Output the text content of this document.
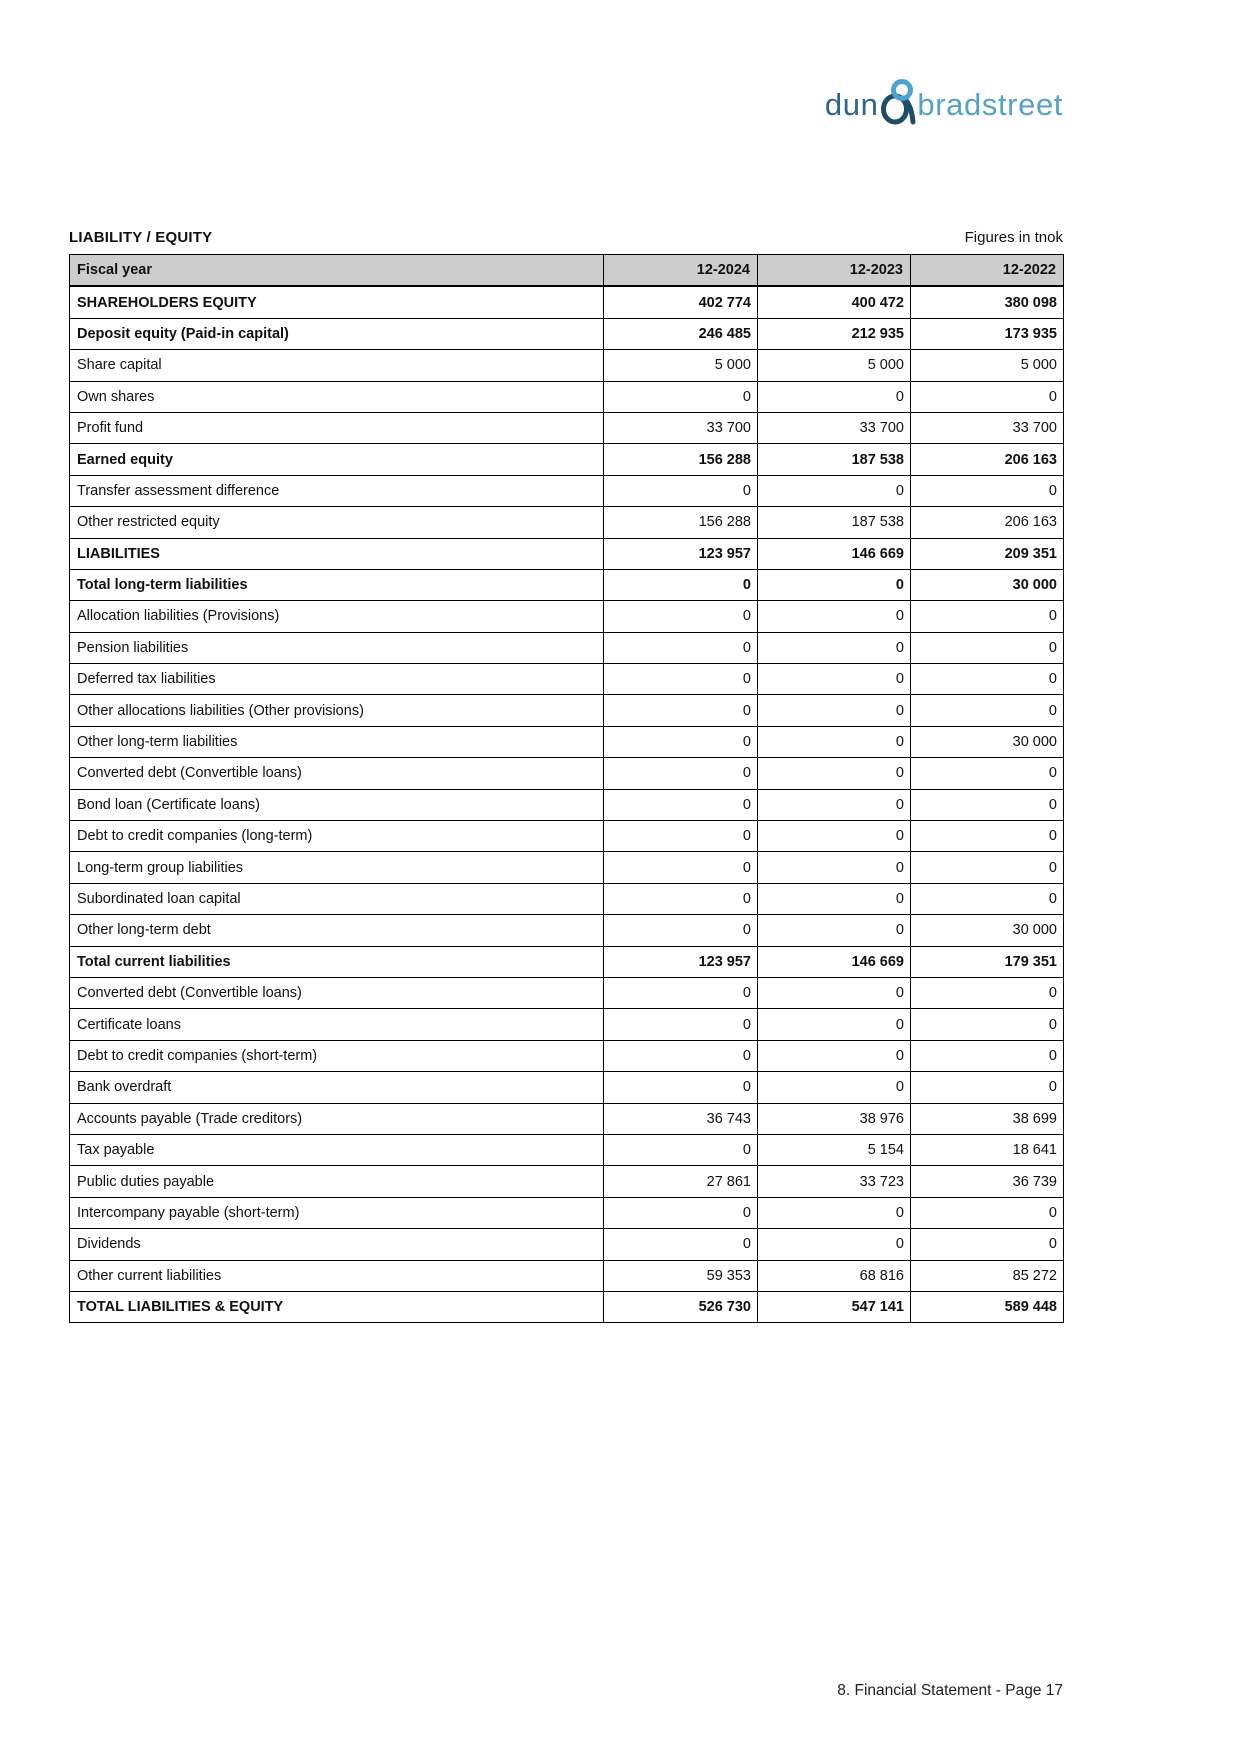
dun bradstreet
LIABILITY / EQUITY	Figures in tnok
Fiscal year	12-2024	12-2023	12-2022
SHAREHOLDERS EQUITY	402 774	400 472	380 098
Deposit equity (Paid-in capital)	246 485	212 935	173 935
Share capital	5 000	5 000	5 000
Own shares	0	0	0
Profit fund	33 700	33 700	33 700
Earned equity	156 288	187 538	206 163
Transfer assessment difference	0	0	0
Other restricted equity	156 288	187 538	206 163
LIABILITIES	123 957	146 669	209 351
Total long-term liabilities	0	0	30 000
Allocation liabilities (Provisions)	0	0	0
Pension liabilities	0	0	0
Deferred tax liabilities	0	0	0
Other allocations liabilities (Other provisions)	0	0	0
Other long-term liabilities	0	0	30 000
Converted debt (Convertible loans)	0	0	0
Bond loan (Certificate loans)	0	0	0
Debt to credit companies (long-term)	0	0	0
Long-term group liabilities	0	0	0
Subordinated loan capital	0	0	0
Other long-term debt	0	0	30 000
Total current liabilities	123 957	146 669	179 351
Converted debt (Convertible loans)	0	0	0
Certificate loans	0	0	0
Debt to credit companies (short-term)	0	0	0
Bank overdraft	0	0	0
Accounts payable (Trade creditors)	36 743	38 976	38 699
Tax payable	0	5 154	18 641
Public duties payable	27 861	33 723	36 739
Intercompany payable (short-term)	0	0	0
Dividends	0	0	0
Other current liabilities	59 353	68 816	85 272
TOTAL LIABILITIES & EQUITY	526 730	547 141	589 448
8. Financial Statement - Page 17
